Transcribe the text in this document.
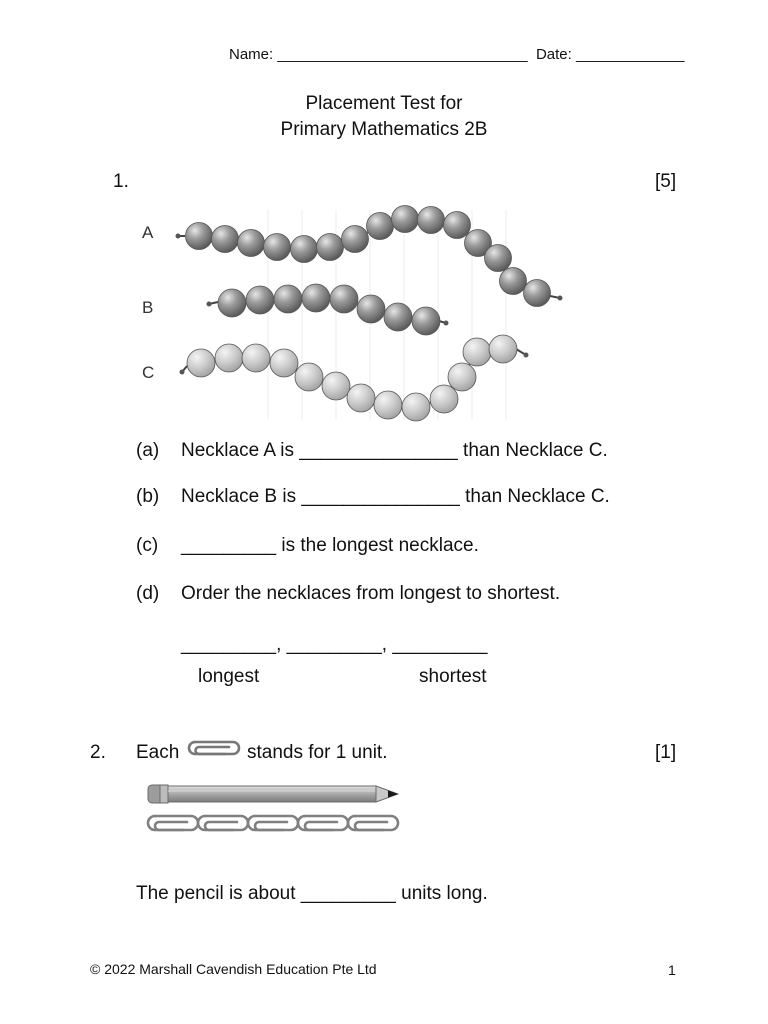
Name: ______________________________  Date: _____________
Placement Test for
Primary Mathematics 2B
1.	[5]
A
B
C
(a) Necklace A is _______________ than Necklace C.
(b) Necklace B is _______________ than Necklace C.
(c) _________ is the longest necklace.
(d) Order the necklaces from longest to shortest.
_________, _________, _________
longest	shortest
2. Each	stands for 1 unit.	[1]
The pencil is about _________ units long.
© 2022 Marshall Cavendish Education Pte Ltd	1
